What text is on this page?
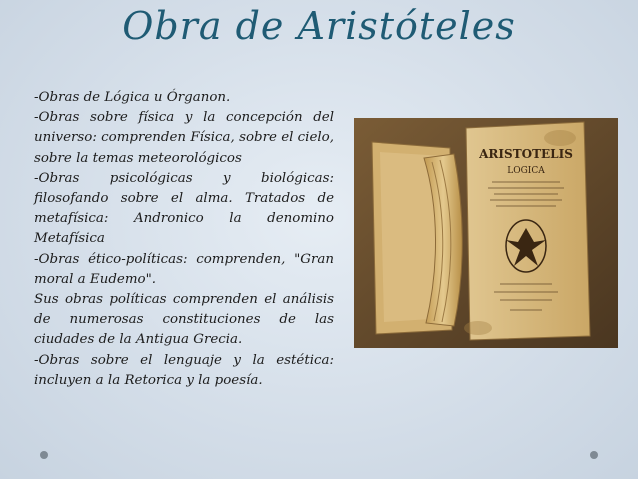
Obra de Aristóteles

-Obras de Lógica u Órganon.

-Obras sobre física y la concepción del universo: comprenden Física, sobre el cielo, sobre la temas meteorológicos

-Obras psicológicas y biológicas: filosofando sobre el alma. Tratados de metafísica: Andronico la denomino Metafísica

-Obras ético-políticas: comprenden, "Gran moral a Eudemo".

Sus obras políticas comprenden el análisis de numerosas constituciones de las ciudades de la Antigua Grecia.

-Obras sobre el lenguaje y la estética: incluyen a la Retorica y la poesía.

ARISTOTELIS
LOGICA
